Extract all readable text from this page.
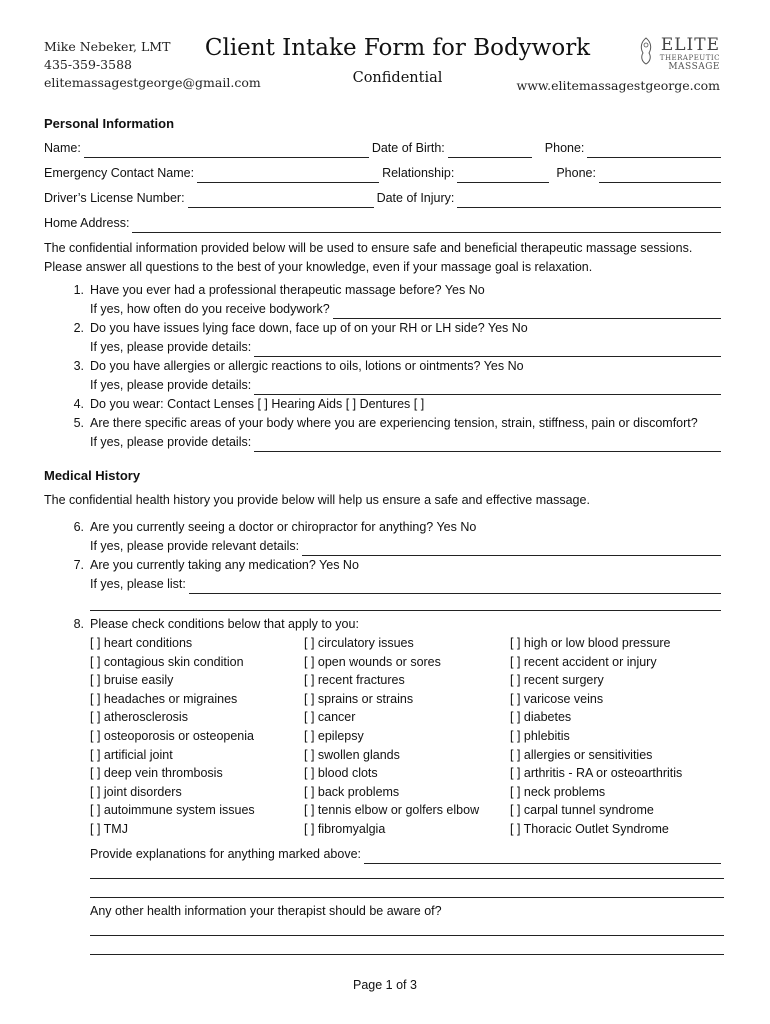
Mike Nebeker, LMT
435-359-3588
elitemassagestgeorge@gmail.com
Client Intake Form for Bodywork
Confidential
ELITE
THERAPEUTIC
MASSAGE
www.elitemassagestgeorge.com
Personal Information
Name:	Date of Birth:	Phone:
Emergency Contact Name:	Relationship:	Phone:
Driver’s License Number:	Date of Injury:
Home Address:
The confidential information provided below will be used to ensure safe and beneficial therapeutic massage sessions.
Please answer all questions to the best of your knowledge, even if your massage goal is relaxation.
1. Have you ever had a professional therapeutic massage before? Yes No
If yes, how often do you receive bodywork?
2. Do you have issues lying face down, face up of on your RH or LH side? Yes No
If yes, please provide details:
3. Do you have allergies or allergic reactions to oils, lotions or ointments? Yes No
If yes, please provide details:
4. Do you wear: Contact Lenses [ ] Hearing Aids [ ] Dentures [ ]
5. Are there specific areas of your body where you are experiencing tension, strain, stiffness, pain or discomfort?
If yes, please provide details:
Medical History
The confidential health history you provide below will help us ensure a safe and effective massage.
6. Are you currently seeing a doctor or chiropractor for anything? Yes No
If yes, please provide relevant details:
7. Are you currently taking any medication? Yes No
If yes, please list:
8. Please check conditions below that apply to you:
[ ] heart conditions	[ ] circulatory issues	[ ] high or low blood pressure
[ ] contagious skin condition	[ ] open wounds or sores	[ ] recent accident or injury
[ ] bruise easily	[ ] recent fractures	[ ] recent surgery
[ ] headaches or migraines	[ ] sprains or strains	[ ] varicose veins
[ ] atherosclerosis	[ ] cancer	[ ] diabetes
[ ] osteoporosis or osteopenia	[ ] epilepsy	[ ] phlebitis
[ ] artificial joint	[ ] swollen glands	[ ] allergies or sensitivities
[ ] deep vein thrombosis	[ ] blood clots	[ ] arthritis - RA or osteoarthritis
[ ] joint disorders	[ ] back problems	[ ] neck problems
[ ] autoimmune system issues	[ ] tennis elbow or golfers elbow	[ ] carpal tunnel syndrome
[ ] TMJ	[ ] fibromyalgia	[ ] Thoracic Outlet Syndrome
Provide explanations for anything marked above:
Any other health information your therapist should be aware of?
Page 1 of 3
